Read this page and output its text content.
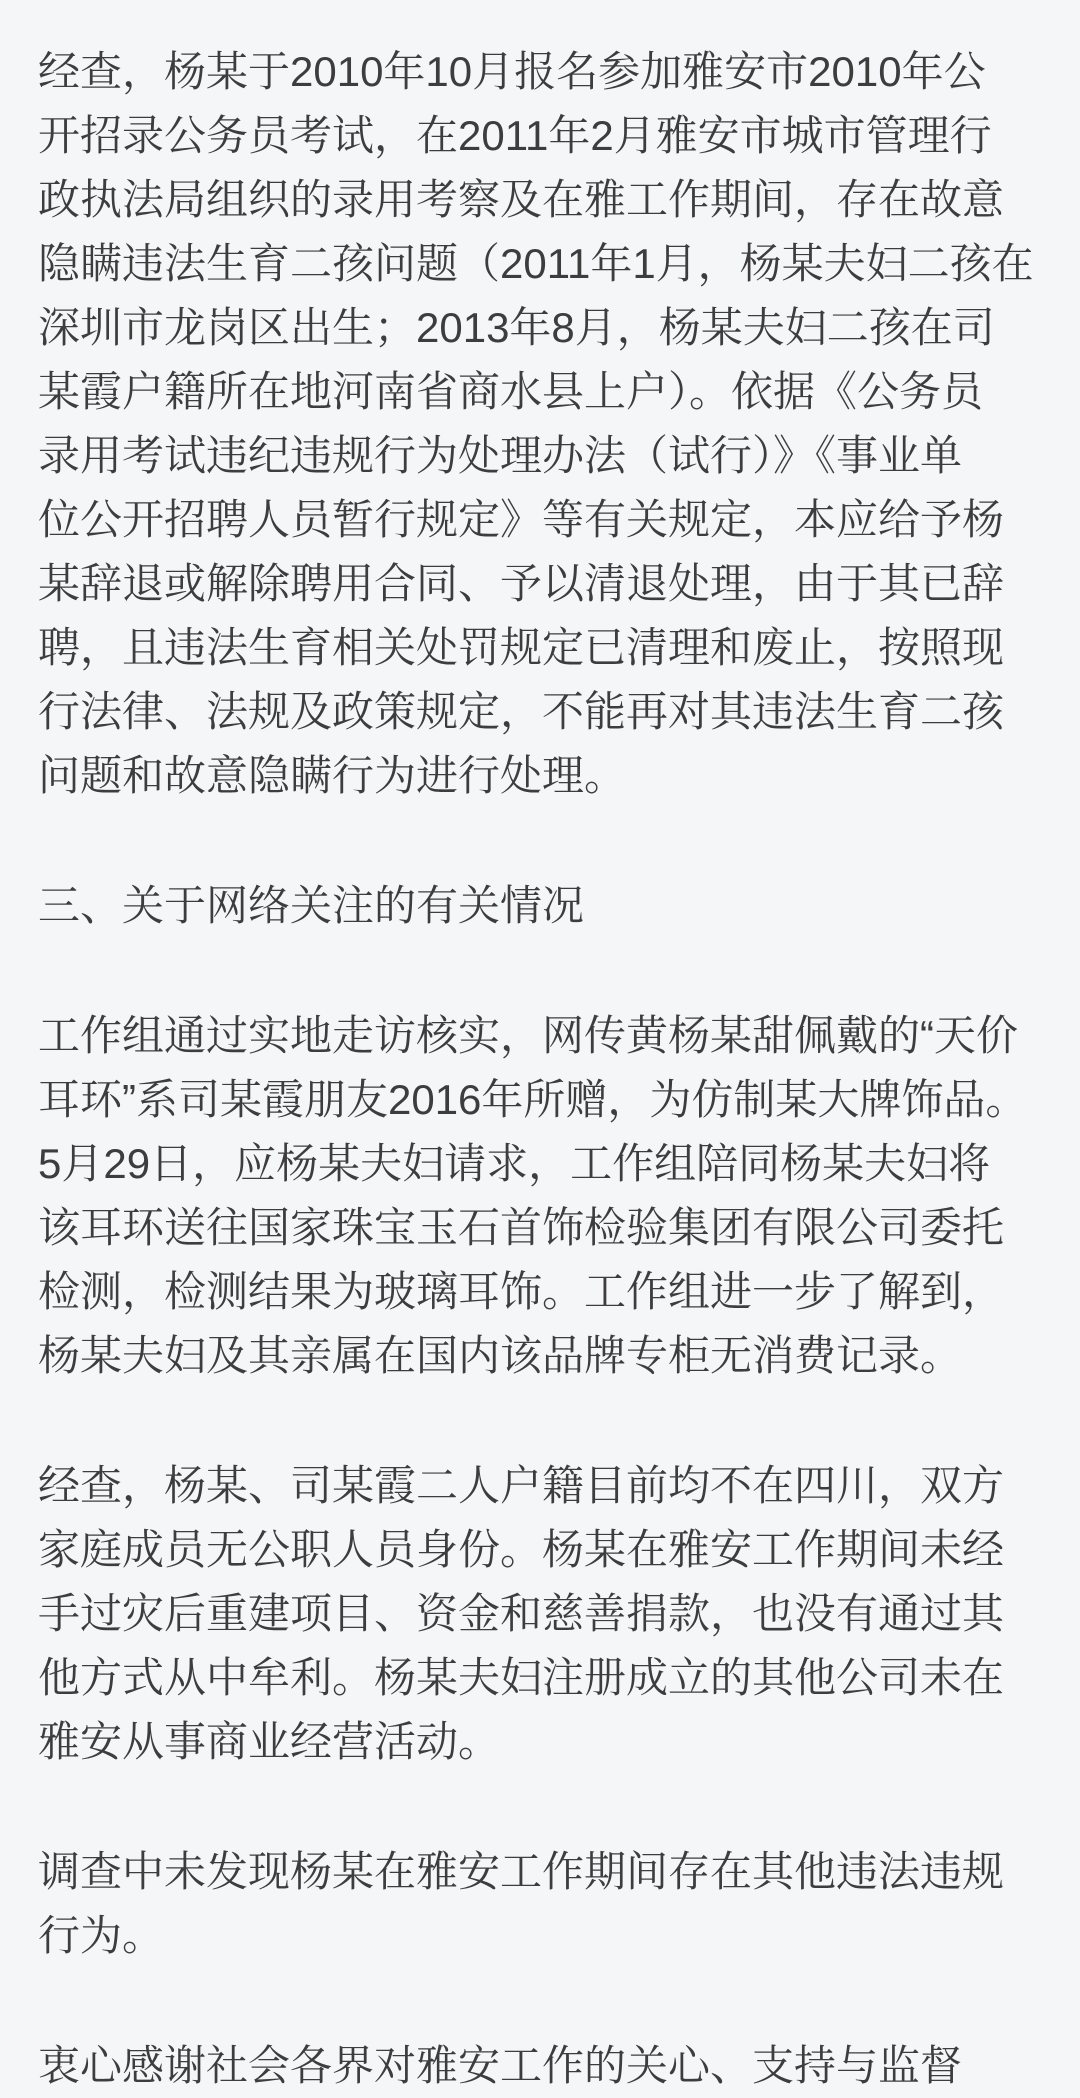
经查，杨某于2010年10月报名参加雅安市2010年公
开招录公务员考试，在2011年2月雅安市城市管理行
政执法局组织的录用考察及在雅工作期间，存在故意
隐瞒违法生育二孩问题（2011年1月，杨某夫妇二孩在
深圳市龙岗区出生；2013年8月，杨某夫妇二孩在司
某霞户籍所在地河南省商水县上户）。依据《公务员
录用考试违纪违规行为处理办法（试行）》《事业单
位公开招聘人员暂行规定》等有关规定，本应给予杨
某辞退或解除聘用合同、予以清退处理，由于其已辞
聘，且违法生育相关处罚规定已清理和废止，按照现
行法律、法规及政策规定，不能再对其违法生育二孩
问题和故意隐瞒行为进行处理。
三、关于网络关注的有关情况
工作组通过实地走访核实，网传黄杨某甜佩戴的“天价
耳环”系司某霞朋友2016年所赠，为仿制某大牌饰品。
5月29日，应杨某夫妇请求，工作组陪同杨某夫妇将
该耳环送往国家珠宝玉石首饰检验集团有限公司委托
检测，检测结果为玻璃耳饰。工作组进一步了解到，
杨某夫妇及其亲属在国内该品牌专柜无消费记录。
经查，杨某、司某霞二人户籍目前均不在四川，双方
家庭成员无公职人员身份。杨某在雅安工作期间未经
手过灾后重建项目、资金和慈善捐款，也没有通过其
他方式从中牟利。杨某夫妇注册成立的其他公司未在
雅安从事商业经营活动。
调查中未发现杨某在雅安工作期间存在其他违法违规
行为。
衷心感谢社会各界对雅安工作的关心、支持与监督
